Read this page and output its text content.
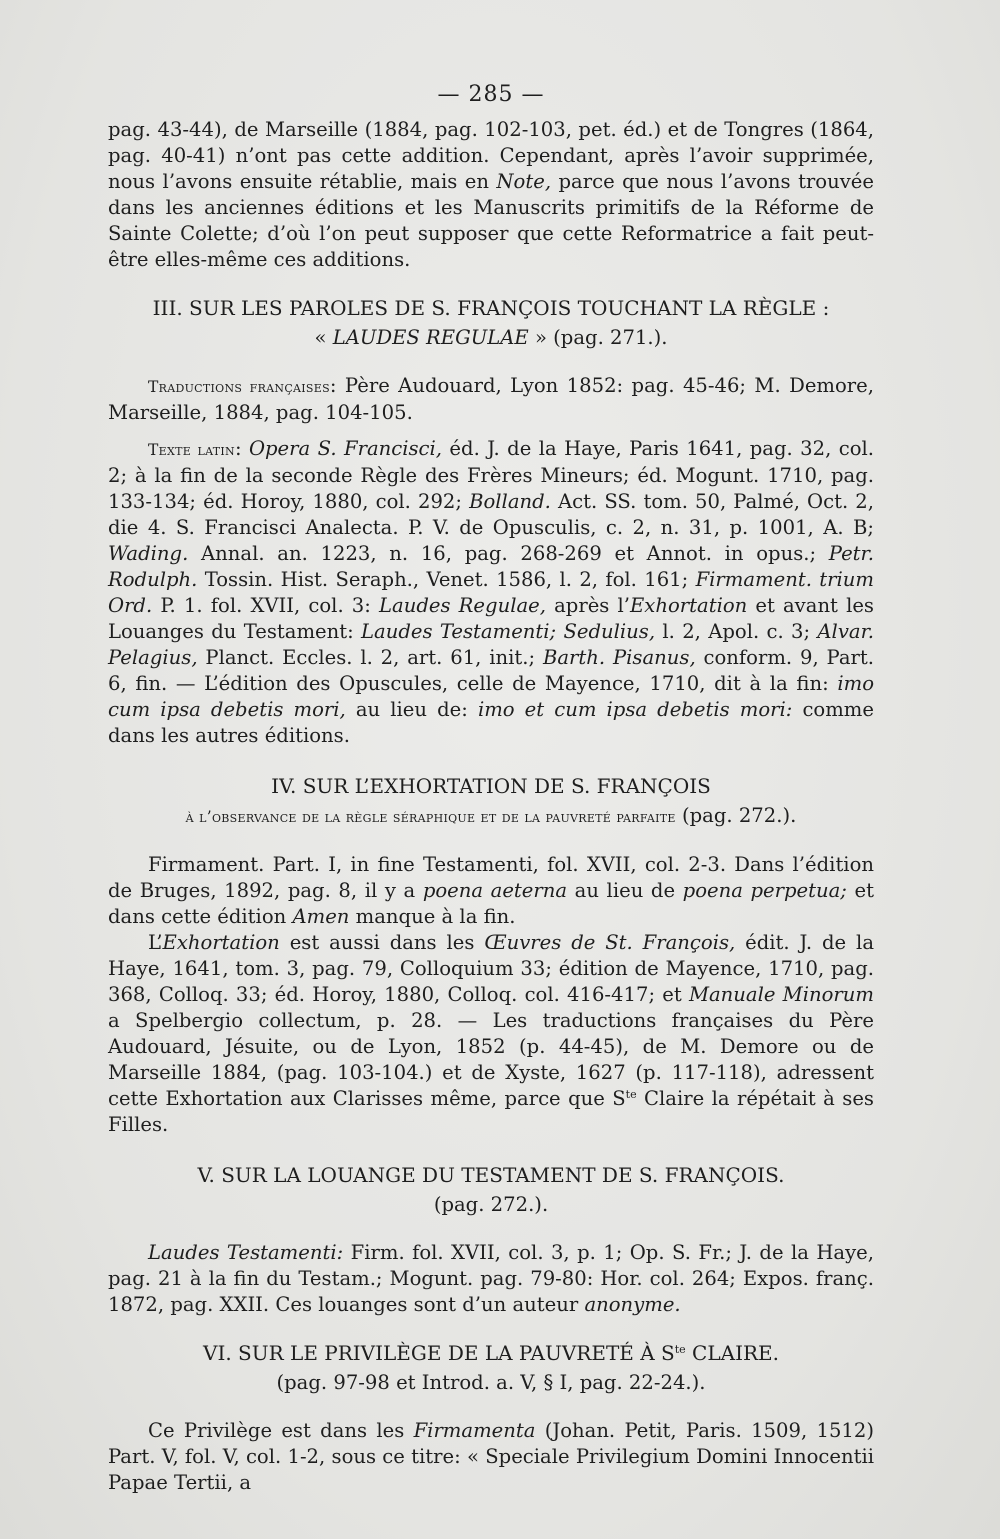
— 285 —

pag. 43-44), de Marseille (1884, pag. 102-103, pet. éd.) et de Tongres (1864, pag. 40-41) n’ont pas cette addition. Cependant, après l’avoir supprimée, nous l’avons ensuite rétablie, mais en Note, parce que nous l’avons trouvée dans les anciennes éditions et les Manuscrits primitifs de la Réforme de Sainte Colette; d’où l’on peut supposer que cette Reformatrice a fait peut-être elles-même ces additions.

III. SUR LES PAROLES DE S. FRANÇOIS TOUCHANT LA RÈGLE :
« LAUDES REGULAE » (pag. 271.).

Traductions françaises: Père Audouard, Lyon 1852: pag. 45-46; M. Demore, Marseille, 1884, pag. 104-105.

Texte latin: Opera S. Francisci, éd. J. de la Haye, Paris 1641, pag. 32, col. 2; à la fin de la seconde Règle des Frères Mineurs; éd. Mogunt. 1710, pag. 133-134; éd. Horoy, 1880, col. 292; Bolland. Act. SS. tom. 50, Palmé, Oct. 2, die 4. S. Francisci Analecta. P. V. de Opusculis, c. 2, n. 31, p. 1001, A. B; Wading. Annal. an. 1223, n. 16, pag. 268-269 et Annot. in opus.; Petr. Rodulph. Tossin. Hist. Seraph., Venet. 1586, l. 2, fol. 161; Firmament. trium Ord. P. 1. fol. XVII, col. 3: Laudes Regulae, après l’Exhortation et avant les Louanges du Testament: Laudes Testamenti; Sedulius, l. 2, Apol. c. 3; Alvar. Pelagius, Planct. Eccles. l. 2, art. 61, init.; Barth. Pisanus, conform. 9, Part. 6, fin. — L’édition des Opuscules, celle de Mayence, 1710, dit à la fin: imo cum ipsa debetis mori, au lieu de: imo et cum ipsa debetis mori: comme dans les autres éditions.

IV. SUR L’EXHORTATION DE S. FRANÇOIS
à l’observance de la règle séraphique et de la pauvreté parfaite (pag. 272.).

Firmament. Part. I, in fine Testamenti, fol. XVII, col. 2-3. Dans l’édition de Bruges, 1892, pag. 8, il y a poena aeterna au lieu de poena perpetua; et dans cette édition Amen manque à la fin.

L’Exhortation est aussi dans les Œuvres de St. François, édit. J. de la Haye, 1641, tom. 3, pag. 79, Colloquium 33; édition de Mayence, 1710, pag. 368, Colloq. 33; éd. Horoy, 1880, Colloq. col. 416-417; et Manuale Minorum a Spelbergio collectum, p. 28. — Les traductions françaises du Père Audouard, Jésuite, ou de Lyon, 1852 (p. 44-45), de M. Demore ou de Marseille 1884, (pag. 103-104.) et de Xyste, 1627 (p. 117-118), adressent cette Exhortation aux Clarisses même, parce que $S^{te}$ Claire la répétait à ses Filles.

V. SUR LA LOUANGE DU TESTAMENT DE S. FRANÇOIS.
(pag. 272.).

Laudes Testamenti: Firm. fol. XVII, col. 3, p. 1; Op. S. Fr.; J. de la Haye, pag. 21 à la fin du Testam.; Mogunt. pag. 79-80: Hor. col. 264; Expos. franç. 1872, pag. XXII. Ces louanges sont d’un auteur anonyme.

VI. SUR LE PRIVILÈGE DE LA PAUVRETÉ À $S^{te}$ CLAIRE.
(pag. 97-98 et Introd. a. V, § I, pag. 22-24.).

Ce Privilège est dans les Firmamenta (Johan. Petit, Paris. 1509, 1512) Part. V, fol. V, col. 1-2, sous ce titre: « Speciale Privilegium Domini Innocentii Papae Tertii, a
